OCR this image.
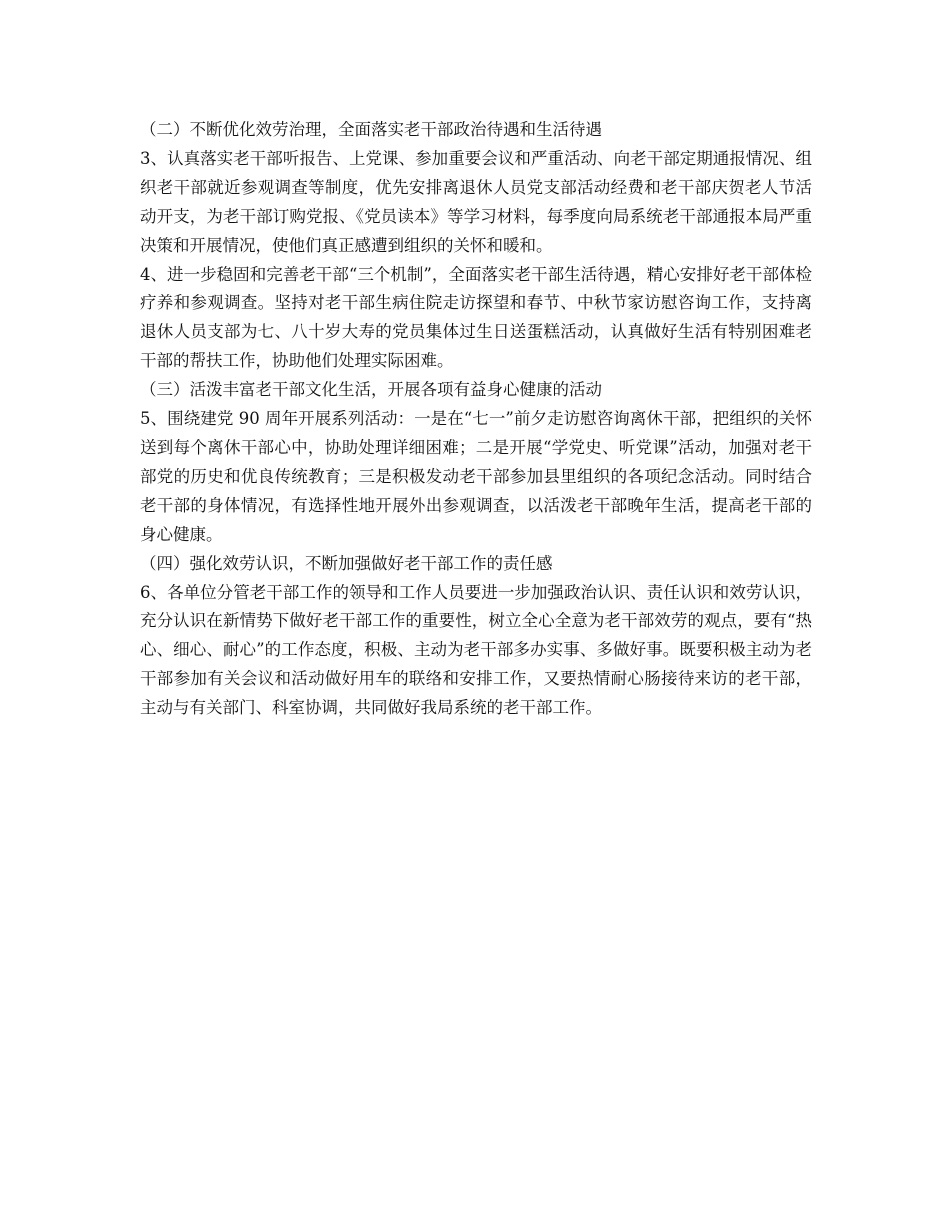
（二）不断优化效劳治理，全面落实老干部政治待遇和生活待遇

3、认真落实老干部听报告、上党课、参加重要会议和严重活动、向老干部定期通报情况、组织老干部就近参观调查等制度，优先安排离退休人员党支部活动经费和老干部庆贺老人节活动开支，为老干部订购党报、《党员读本》等学习材料，每季度向局系统老干部通报本局严重决策和开展情况，使他们真正感遭到组织的关怀和暖和。

4、进一步稳固和完善老干部“三个机制”，全面落实老干部生活待遇，精心安排好老干部体检疗养和参观调查。坚持对老干部生病住院走访探望和春节、中秋节家访慰咨询工作，支持离退休人员支部为七、八十岁大寿的党员集体过生日送蛋糕活动，认真做好生活有特别困难老干部的帮扶工作，协助他们处理实际困难。

（三）活泼丰富老干部文化生活，开展各项有益身心健康的活动

5、围绕建党 90 周年开展系列活动：一是在“七一”前夕走访慰咨询离休干部，把组织的关怀送到每个离休干部心中，协助处理详细困难；二是开展“学党史、听党课”活动，加强对老干部党的历史和优良传统教育；三是积极发动老干部参加县里组织的各项纪念活动。同时结合老干部的身体情况，有选择性地开展外出参观调查，以活泼老干部晚年生活，提高老干部的身心健康。

（四）强化效劳认识，不断加强做好老干部工作的责任感

6、各单位分管老干部工作的领导和工作人员要进一步加强政治认识、责任认识和效劳认识，充分认识在新情势下做好老干部工作的重要性，树立全心全意为老干部效劳的观点，要有“热心、细心、耐心”的工作态度，积极、主动为老干部多办实事、多做好事。既要积极主动为老干部参加有关会议和活动做好用车的联络和安排工作，又要热情耐心肠接待来访的老干部，主动与有关部门、科室协调，共同做好我局系统的老干部工作。
